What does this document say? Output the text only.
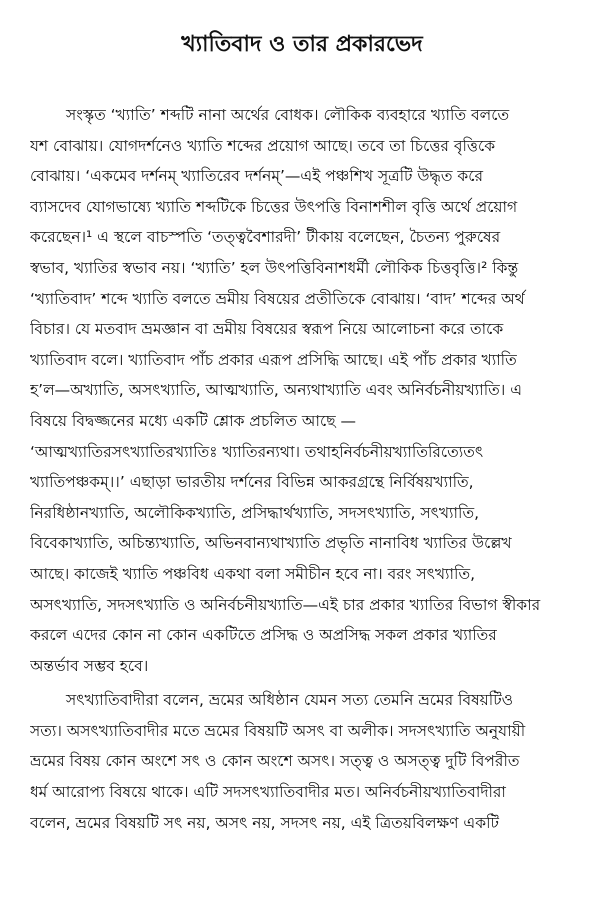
খ্যাতিবাদ ও তার প্রকারভেদ
সংস্কৃত ‘খ্যাতি’ শব্দটি নানা অর্থের বোধক। লৌকিক ব্যবহারে খ্যাতি বলতে
যশ বোঝায়। যোগদর্শনেও খ্যাতি শব্দের প্রয়োগ আছে। তবে তা চিত্তের বৃত্তিকে
বোঝায়। ‘একমেব দর্শনম্ খ্যাতিরেব দর্শনম্’—এই পঞ্চশিখ সূত্রটি উদ্ধৃত করে
ব্যাসদেব যোগভাষ্যে খ্যাতি শব্দটিকে চিত্তের উৎপত্তি বিনাশশীল বৃত্তি অর্থে প্রয়োগ
করেছেন।¹ এ স্থলে বাচস্পতি ‘তত্ত্ববৈশারদী’ টীকায় বলেছেন, চৈতন্য পুরুষের
স্বভাব, খ্যাতির স্বভাব নয়। ‘খ্যাতি’ হল উৎপত্তিবিনাশধর্মী লৌকিক চিত্তবৃত্তি।² কিন্তু
‘খ্যাতিবাদ’ শব্দে খ্যাতি বলতে ভ্রমীয় বিষয়ের প্রতীতিকে বোঝায়। ‘বাদ’ শব্দের অর্থ
বিচার। যে মতবাদ ভ্রমজ্ঞান বা ভ্রমীয় বিষয়ের স্বরূপ নিয়ে আলোচনা করে তাকে
খ্যাতিবাদ বলে। খ্যাতিবাদ পাঁচ প্রকার এরূপ প্রসিদ্ধি আছে। এই পাঁচ প্রকার খ্যাতি
হ’ল—অখ্যাতি, অসৎখ্যাতি, আত্মখ্যাতি, অন্যথাখ্যাতি এবং অনির্বচনীয়খ্যাতি। এ
বিষয়ে বিদ্বজ্জনের মধ্যে একটি শ্লোক প্রচলিত আছে —
‘আত্মখ্যাতিরসৎখ্যাতিরখ্যাতিঃ খ্যাতিরন্যথা। তথাহনির্বচনীয়খ্যাতিরিত্যেতৎ
খ্যাতিপঞ্চকম্।।’ এছাড়া ভারতীয় দর্শনের বিভিন্ন আকরগ্রন্থে নির্বিষয়খ্যাতি,
নিরধিষ্ঠানখ্যাতি, অলৌকিকখ্যাতি, প্রসিদ্ধার্থখ্যাতি, সদসৎখ্যাতি, সৎখ্যাতি,
বিবেকাখ্যাতি, অচিন্ত্যখ্যাতি, অভিনবান্যথাখ্যাতি প্রভৃতি নানাবিধ খ্যাতির উল্লেখ
আছে। কাজেই খ্যাতি পঞ্চবিধ একথা বলা সমীচীন হবে না। বরং সৎখ্যাতি,
অসৎখ্যাতি, সদসৎখ্যাতি ও অনির্বচনীয়খ্যাতি—এই চার প্রকার খ্যাতির বিভাগ স্বীকার
করলে এদের কোন না কোন একটিতে প্রসিদ্ধ ও অপ্রসিদ্ধ সকল প্রকার খ্যাতির
অন্তর্ভাব সম্ভব হবে।
সৎখ্যাতিবাদীরা বলেন, ভ্রমের অধিষ্ঠান যেমন সত্য তেমনি ভ্রমের বিষয়টিও
সত্য। অসৎখ্যাতিবাদীর মতে ভ্রমের বিষয়টি অসৎ বা অলীক। সদসৎখ্যাতি অনুযায়ী
ভ্রমের বিষয় কোন অংশে সৎ ও কোন অংশে অসৎ। সত্ত্ব ও অসত্ত্ব দুটি বিপরীত
ধর্ম আরোপ্য বিষয়ে থাকে। এটি সদসৎখ্যাতিবাদীর মত। অনির্বচনীয়খ্যাতিবাদীরা
বলেন, ভ্রমের বিষয়টি সৎ নয়, অসৎ নয়, সদসৎ নয়, এই ত্রিতয়বিলক্ষণ একটি
